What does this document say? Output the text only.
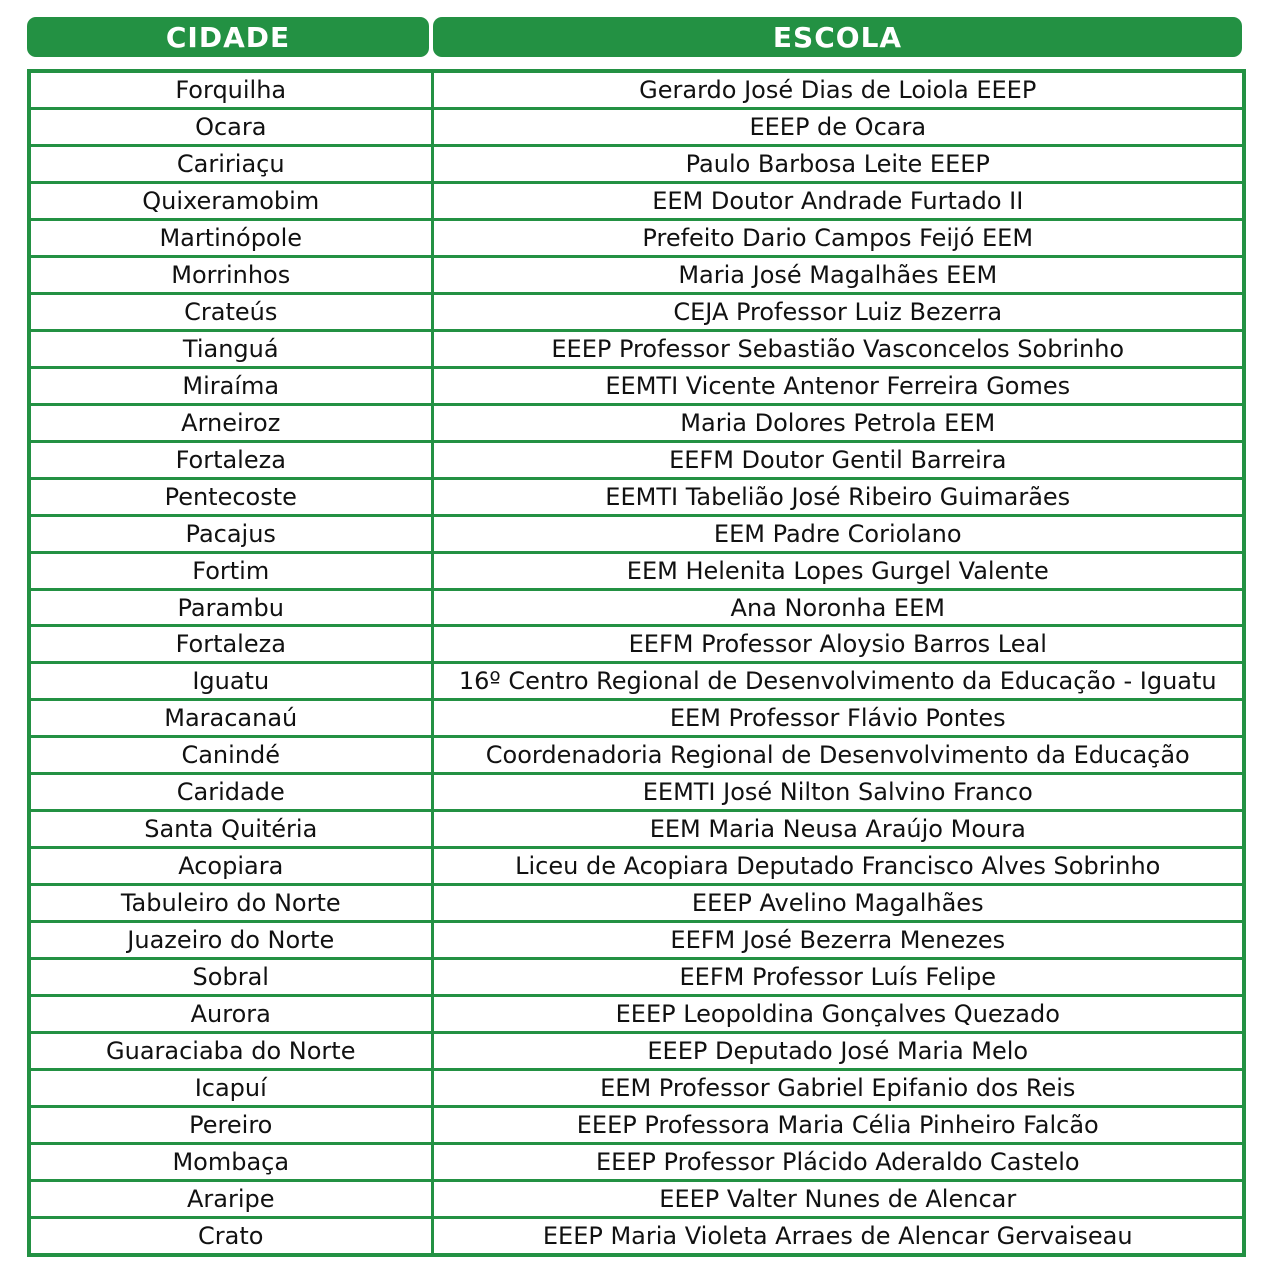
CIDADE	ESCOLA
Forquilha	Gerardo José Dias de Loiola EEEP
Ocara	EEEP de Ocara
Caririaçu	Paulo Barbosa Leite EEEP
Quixeramobim	EEM Doutor Andrade Furtado II
Martinópole	Prefeito Dario Campos Feijó EEM
Morrinhos	Maria José Magalhães EEM
Crateús	CEJA Professor Luiz Bezerra
Tianguá	EEEP Professor Sebastião Vasconcelos Sobrinho
Miraíma	EEMTI Vicente Antenor Ferreira Gomes
Arneiroz	Maria Dolores Petrola EEM
Fortaleza	EEFM Doutor Gentil Barreira
Pentecoste	EEMTI Tabelião José Ribeiro Guimarães
Pacajus	EEM Padre Coriolano
Fortim	EEM Helenita Lopes Gurgel Valente
Parambu	Ana Noronha EEM
Fortaleza	EEFM Professor Aloysio Barros Leal
Iguatu	16º Centro Regional de Desenvolvimento da Educação - Iguatu
Maracanaú	EEM Professor Flávio Pontes
Canindé	Coordenadoria Regional de Desenvolvimento da Educação
Caridade	EEMTI José Nilton Salvino Franco
Santa Quitéria	EEM Maria Neusa Araújo Moura
Acopiara	Liceu de Acopiara Deputado Francisco Alves Sobrinho
Tabuleiro do Norte	EEEP Avelino Magalhães
Juazeiro do Norte	EEFM José Bezerra Menezes
Sobral	EEFM Professor Luís Felipe
Aurora	EEEP Leopoldina Gonçalves Quezado
Guaraciaba do Norte	EEEP Deputado José Maria Melo
Icapuí	EEM Professor Gabriel Epifanio dos Reis
Pereiro	EEEP Professora Maria Célia Pinheiro Falcão
Mombaça	EEEP Professor Plácido Aderaldo Castelo
Araripe	EEEP Valter Nunes de Alencar
Crato	EEEP Maria Violeta Arraes de Alencar Gervaiseau
